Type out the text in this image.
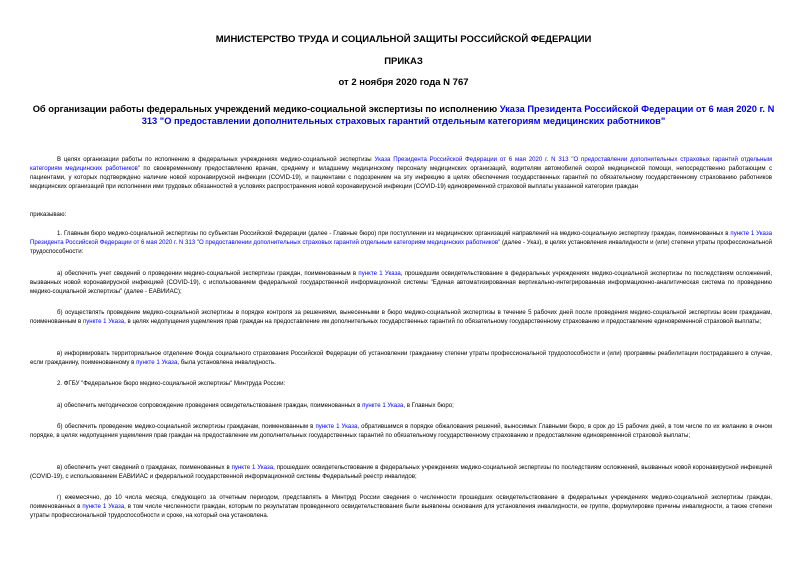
МИНИСТЕРСТВО ТРУДА И СОЦИАЛЬНОЙ ЗАЩИТЫ РОССИЙСКОЙ ФЕДЕРАЦИИ
ПРИКАЗ
от 2 ноября 2020 года N 767
Об организации работы федеральных учреждений медико-социальной экспертизы по исполнению Указа Президента Российской Федерации от 6 мая 2020 г. N 313 "О предоставлении дополнительных страховых гарантий отдельным категориям медицинских работников"
В целях организации работы по исполнению в федеральных учреждениях медико-социальной экспертизы Указа Президента Российской Федерации от 6 мая 2020 г. N 313 "О предоставлении дополнительных страховых гарантий отдельным категориям медицинских работников" по своевременному предоставлению врачам, среднему и младшему медицинскому персоналу медицинских организаций, водителям автомобилей скорой медицинской помощи, непосредственно работающим с пациентами, у которых подтверждено наличие новой коронавирусной инфекции (COVID-19), и пациентами с подозрением на эту инфекцию в целях обеспечения государственных гарантий по обязательному государственному страхованию работников медицинских организаций при исполнении ими трудовых обязанностей в условиях распространения новой коронавирусной инфекции (COVID-19) единовременной страховой выплаты указанной категории граждан
приказываю:
1. Главным бюро медико-социальной экспертизы по субъектам Российской Федерации (далее - Главные бюро) при поступлении из медицинских организаций направлений на медико-социальную экспертизу граждан, поименованных в пункте 1 Указа Президента Российской Федерации от 6 мая 2020 г. N 313 "О предоставлении дополнительных страховых гарантий отдельным категориям медицинских работников" (далее - Указ), в целях установления инвалидности и (или) степени утраты профессиональной трудоспособности:
а) обеспечить учет сведений о проведении медико-социальной экспертизы граждан, поименованным в пункте 1 Указа, прошедшим освидетельствование в федеральных учреждениях медико-социальной экспертизы по последствиям осложнений, вызванных новой коронавирусной инфекцией (COVID-19), с использованием федеральной государственной информационной системы "Единая автоматизированная вертикально-интегрированная информационно-аналитическая система по проведению медико-социальной экспертизы" (далее - ЕАВИИАС);
б) осуществлять проведение медико-социальной экспертизы в порядке контроля за решениями, вынесенными в бюро медико-социальной экспертизы в течение 5 рабочих дней после проведения медико-социальной экспертизы всем гражданам, поименованным в пункте 1 Указа, в целях недопущения ущемления прав граждан на предоставление им дополнительных государственных гарантий по обязательному государственному страхованию и предоставление единовременной страховой выплаты;
в) информировать территориальное отделение Фонда социального страхования Российской Федерации об установлении гражданину степени утраты профессиональной трудоспособности и (или) программы реабилитации пострадавшего в случае, если гражданину, поименованному в пункте 1 Указа, была установлена инвалидность.
2. ФГБУ "Федеральное бюро медико-социальной экспертизы" Минтруда России:
а) обеспечить методическое сопровождение проведения освидетельствования граждан, поименованных в пункте 1 Указа, в Главных бюро;
б) обеспечить проведение медико-социальной экспертизы гражданам, поименованным в пункте 1 Указа, обратившимся в порядке обжалования решений, выносимых Главными бюро, в срок до 15 рабочих дней, в том числе по их желанию в очном порядке, в целях недопущения ущемления прав граждан на предоставление им дополнительных государственных гарантий по обязательному государственному страхованию и предоставление единовременной страховой выплаты;
в) обеспечить учет сведений о гражданах, поименованных в пункте 1 Указа, прошедших освидетельствование в федеральных учреждениях медико-социальной экспертизы по последствиям осложнений, вызванных новой коронавирусной инфекцией (COVID-19), с использованием ЕАВИИАС и федеральной государственной информационной системы Федеральный реестр инвалидов;
г) ежемесячно, до 10 числа месяца, следующего за отчетным периодом, представлять в Минтруд России сведения о численности прошедших освидетельствование в федеральных учреждениях медико-социальной экспертизы граждан, поименованных в пункте 1 Указа, в том числе численности граждан, которым по результатам проведенного освидетельствования были выявлены основания для установления инвалидности, ее группе, формулировке причины инвалидности, а также степени утраты профессиональной трудоспособности и сроке, на который она установлена.
